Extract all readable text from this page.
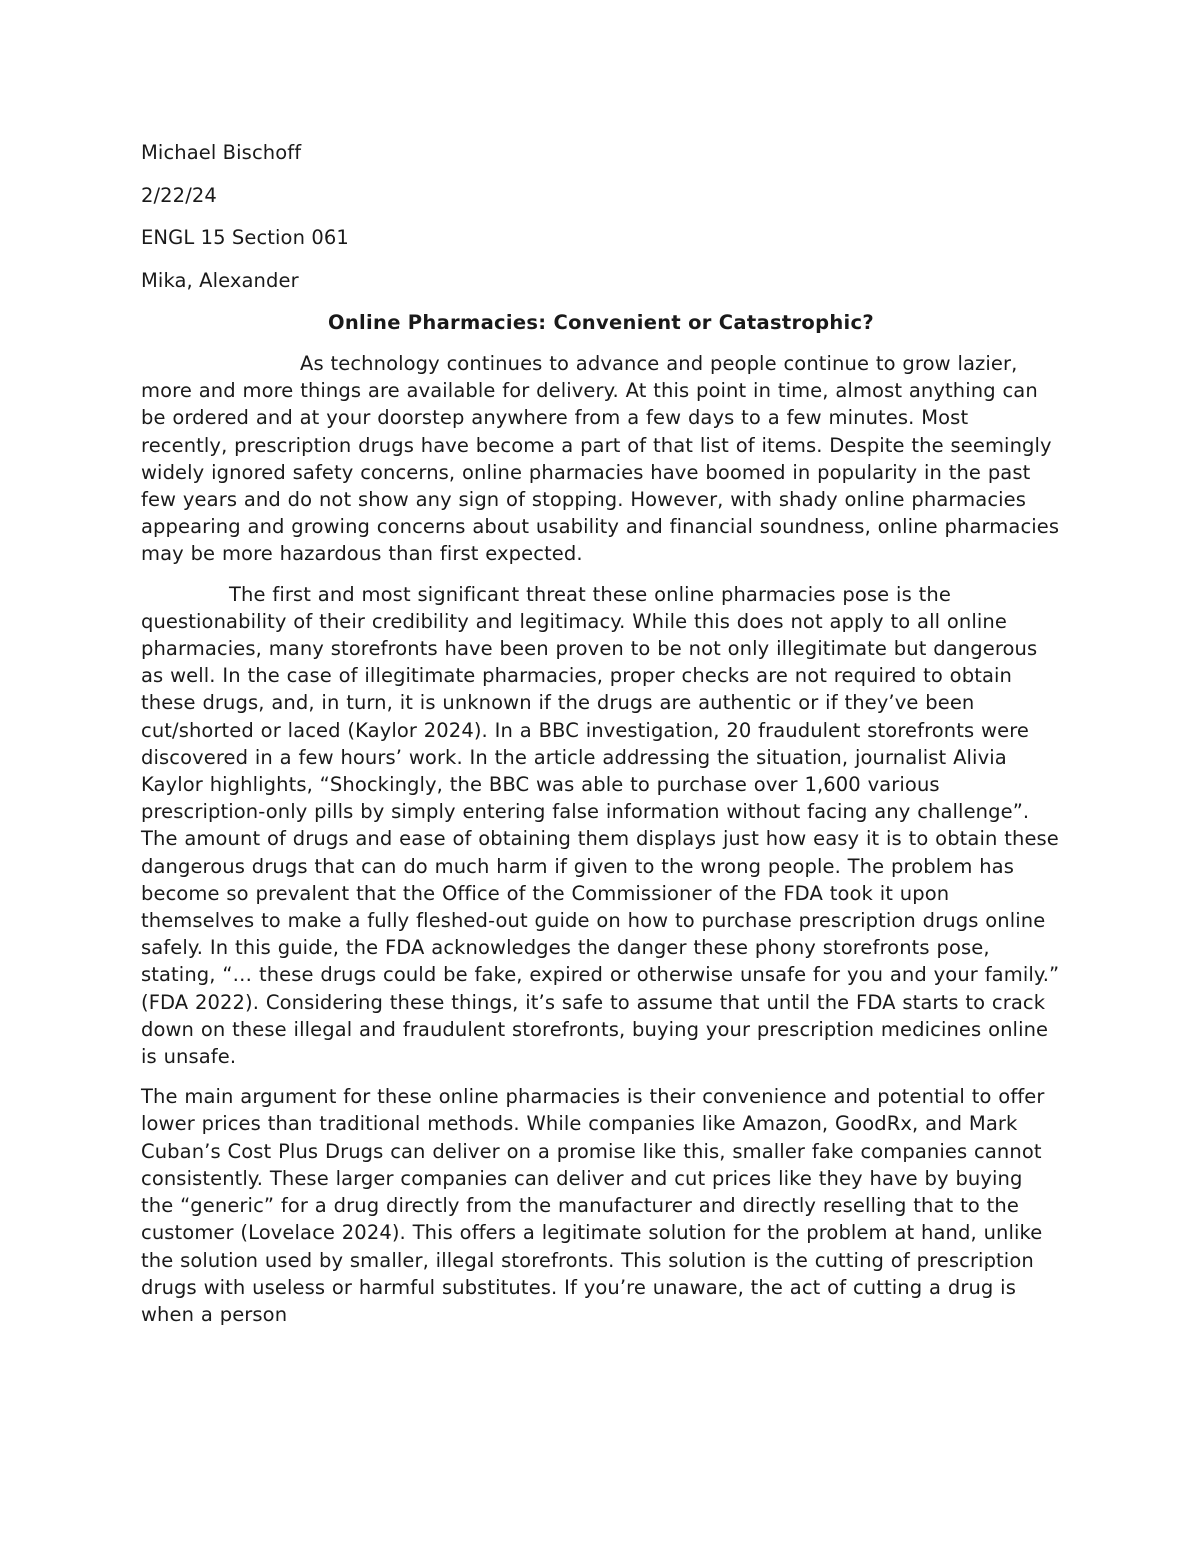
Michael Bischoff
2/22/24
ENGL 15 Section 061
Mika, Alexander
Online Pharmacies: Convenient or Catastrophic?

As technology continues to advance and people continue to grow lazier, more and more things are available for delivery. At this point in time, almost anything can be ordered and at your doorstep anywhere from a few days to a few minutes. Most recently, prescription drugs have become a part of that list of items. Despite the seemingly widely ignored safety concerns, online pharmacies have boomed in popularity in the past few years and do not show any sign of stopping. However, with shady online pharmacies appearing and growing concerns about usability and financial soundness, online pharmacies may be more hazardous than first expected.

The first and most significant threat these online pharmacies pose is the questionability of their credibility and legitimacy. While this does not apply to all online pharmacies, many storefronts have been proven to be not only illegitimate but dangerous as well. In the case of illegitimate pharmacies, proper checks are not required to obtain these drugs, and, in turn, it is unknown if the drugs are authentic or if they’ve been cut/shorted or laced (Kaylor 2024). In a BBC investigation, 20 fraudulent storefronts were discovered in a few hours’ work. In the article addressing the situation, journalist Alivia Kaylor highlights, “Shockingly, the BBC was able to purchase over 1,600 various prescription-only pills by simply entering false information without facing any challenge”. The amount of drugs and ease of obtaining them displays just how easy it is to obtain these dangerous drugs that can do much harm if given to the wrong people. The problem has become so prevalent that the Office of the Commissioner of the FDA took it upon themselves to make a fully fleshed-out guide on how to purchase prescription drugs online safely. In this guide, the FDA acknowledges the danger these phony storefronts pose, stating, “… these drugs could be fake, expired or otherwise unsafe for you and your family.” (FDA 2022). Considering these things, it’s safe to assume that until the FDA starts to crack down on these illegal and fraudulent storefronts, buying your prescription medicines online is unsafe.

The main argument for these online pharmacies is their convenience and potential to offer lower prices than traditional methods. While companies like Amazon, GoodRx, and Mark Cuban’s Cost Plus Drugs can deliver on a promise like this, smaller fake companies cannot consistently. These larger companies can deliver and cut prices like they have by buying the “generic” for a drug directly from the manufacturer and directly reselling that to the customer (Lovelace 2024). This offers a legitimate solution for the problem at hand, unlike the solution used by smaller, illegal storefronts. This solution is the cutting of prescription drugs with useless or harmful substitutes. If you’re unaware, the act of cutting a drug is when a person
